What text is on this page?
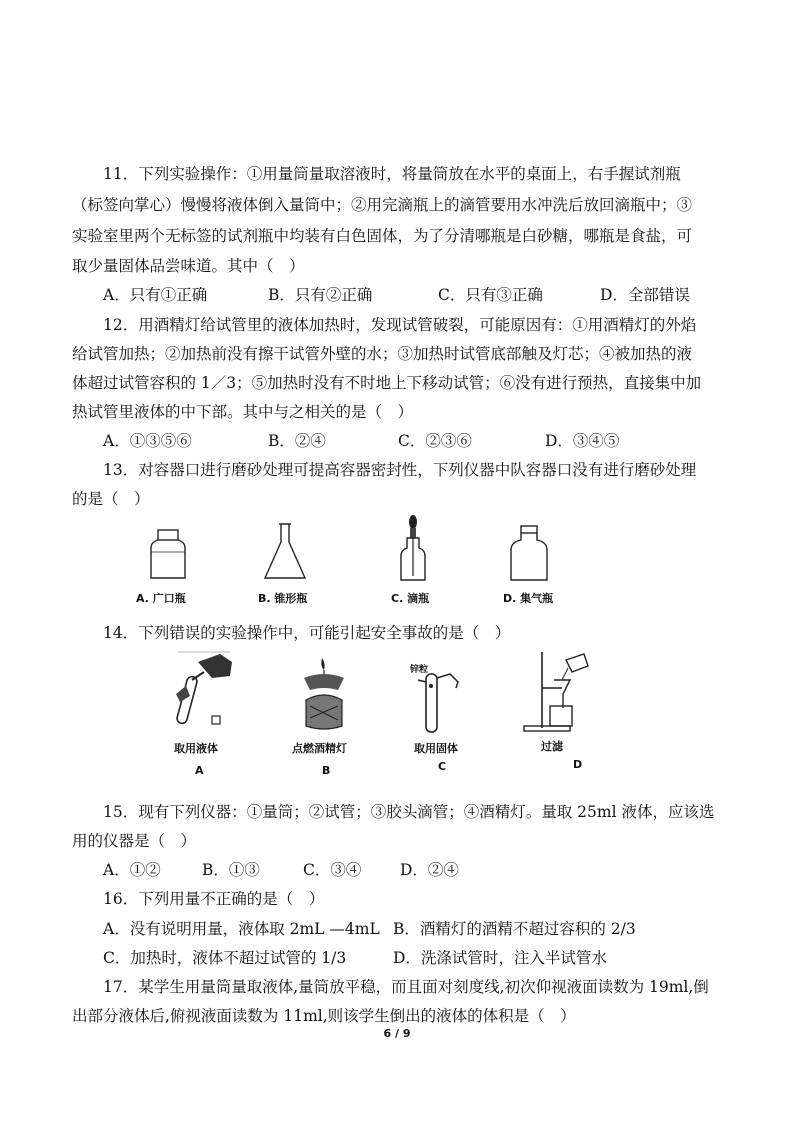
11．下列实验操作：①用量筒量取溶液时，将量筒放在水平的桌面上，右手握试剂瓶
（标签向掌心）慢慢将液体倒入量筒中；②用完滴瓶上的滴管要用水冲洗后放回滴瓶中；③
实验室里两个无标签的试剂瓶中均装有白色固体，为了分清哪瓶是白砂糖，哪瓶是食盐，可
取少量固体品尝味道。其中（　）
A．只有①正确	B．只有②正确	C．只有③正确	D．全部错误
12．用酒精灯给试管里的液体加热时，发现试管破裂，可能原因有：①用酒精灯的外焰
给试管加热；②加热前没有擦干试管外壁的水；③加热时试管底部触及灯芯；④被加热的液
体超过试管容积的 1／3；⑤加热时没有不时地上下移动试管；⑥没有进行预热，直接集中加
热试管里液体的中下部。其中与之相关的是（　）
A．①③⑤⑥	B．②④	C．②③⑥	D．③④⑤
13．对容器口进行磨砂处理可提高容器密封性，下列仪器中队容器口没有进行磨砂处理
的是（　）
A. 广口瓶	B. 锥形瓶	C. 滴瓶	D. 集气瓶
14．下列错误的实验操作中，可能引起安全事故的是（　）
锌粒
取用液体	点燃酒精灯	取用固体	过滤
A	B	C	D
15．现有下列仪器：①量筒；②试管；③胶头滴管；④酒精灯。量取 25ml 液体，应该选
用的仪器是（　）
A．①②	B．①③	C．③④ D．②④
16．下列用量不正确的是（　）
A．没有说明用量，液体取 2mL —4mL B．酒精灯的酒精不超过容积的 2/3
C．加热时，液体不超过试管的 1/3	D．洗涤试管时，注入半试管水
17．某学生用量筒量取液体,量筒放平稳，而且面对刻度线,初次仰视液面读数为 19ml,倒
出部分液体后,俯视液面读数为 11ml,则该学生倒出的液体的体积是（　）
6 / 9
